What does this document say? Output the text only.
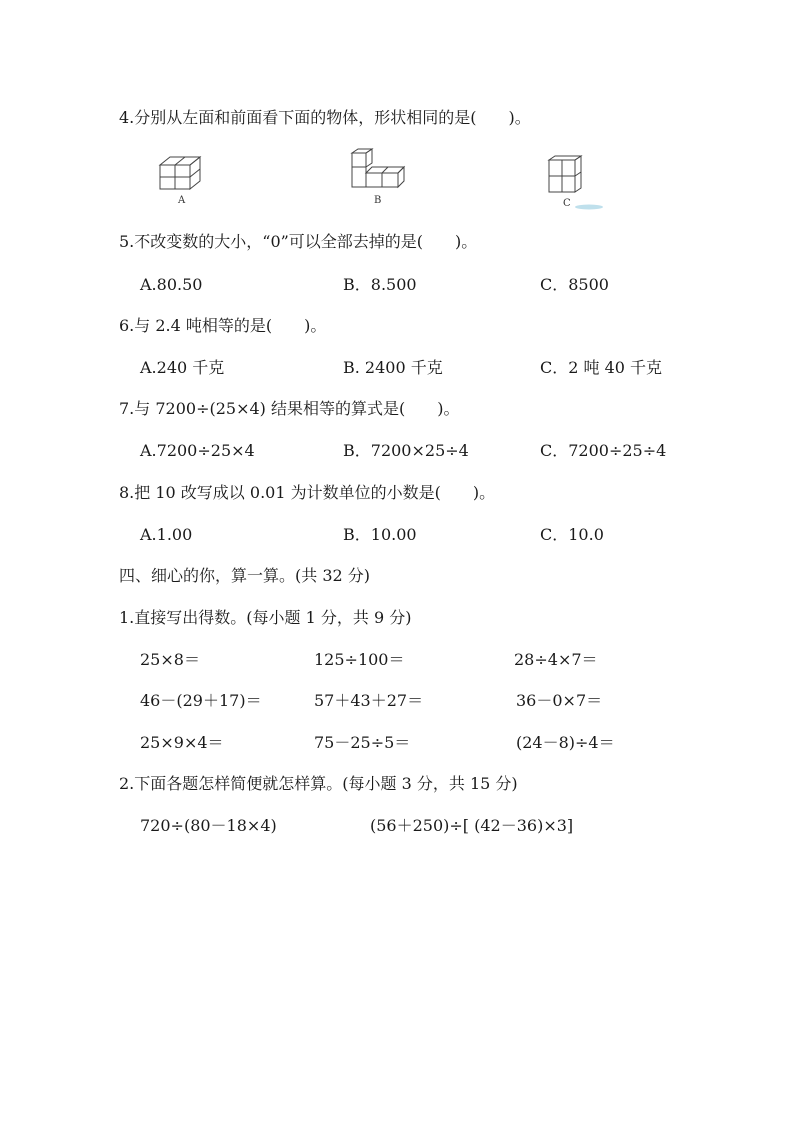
4.分别从左面和前面看下面的物体，形状相同的是(　　)。
A	B	C
5.不改变数的大小，“0”可以全部去掉的是(　　)。
A.80.50	B．8.500	C．8500
6.与 2.4 吨相等的是(　　)。
A.240 千克	B. 2400 千克	C．2 吨 40 千克
7.与 7200÷(25×4) 结果相等的算式是(　　)。
A.7200÷25×4	B．7200×25÷4	C．7200÷25÷4
8.把 10 改写成以 0.01 为计数单位的小数是(　　)。
A.1.00	B．10.00	C．10.0
四、细心的你，算一算。(共 32 分)
1.直接写出得数。(每小题 1 分，共 9 分)
25×8＝	125÷100＝	28÷4×7＝
46－(29＋17)＝	57＋43＋27＝	36－0×7＝
25×9×4＝	75－25÷5＝	(24－8)÷4＝
2.下面各题怎样简便就怎样算。(每小题 3 分，共 15 分)
720÷(80－18×4)	(56＋250)÷[ (42－36)×3]
